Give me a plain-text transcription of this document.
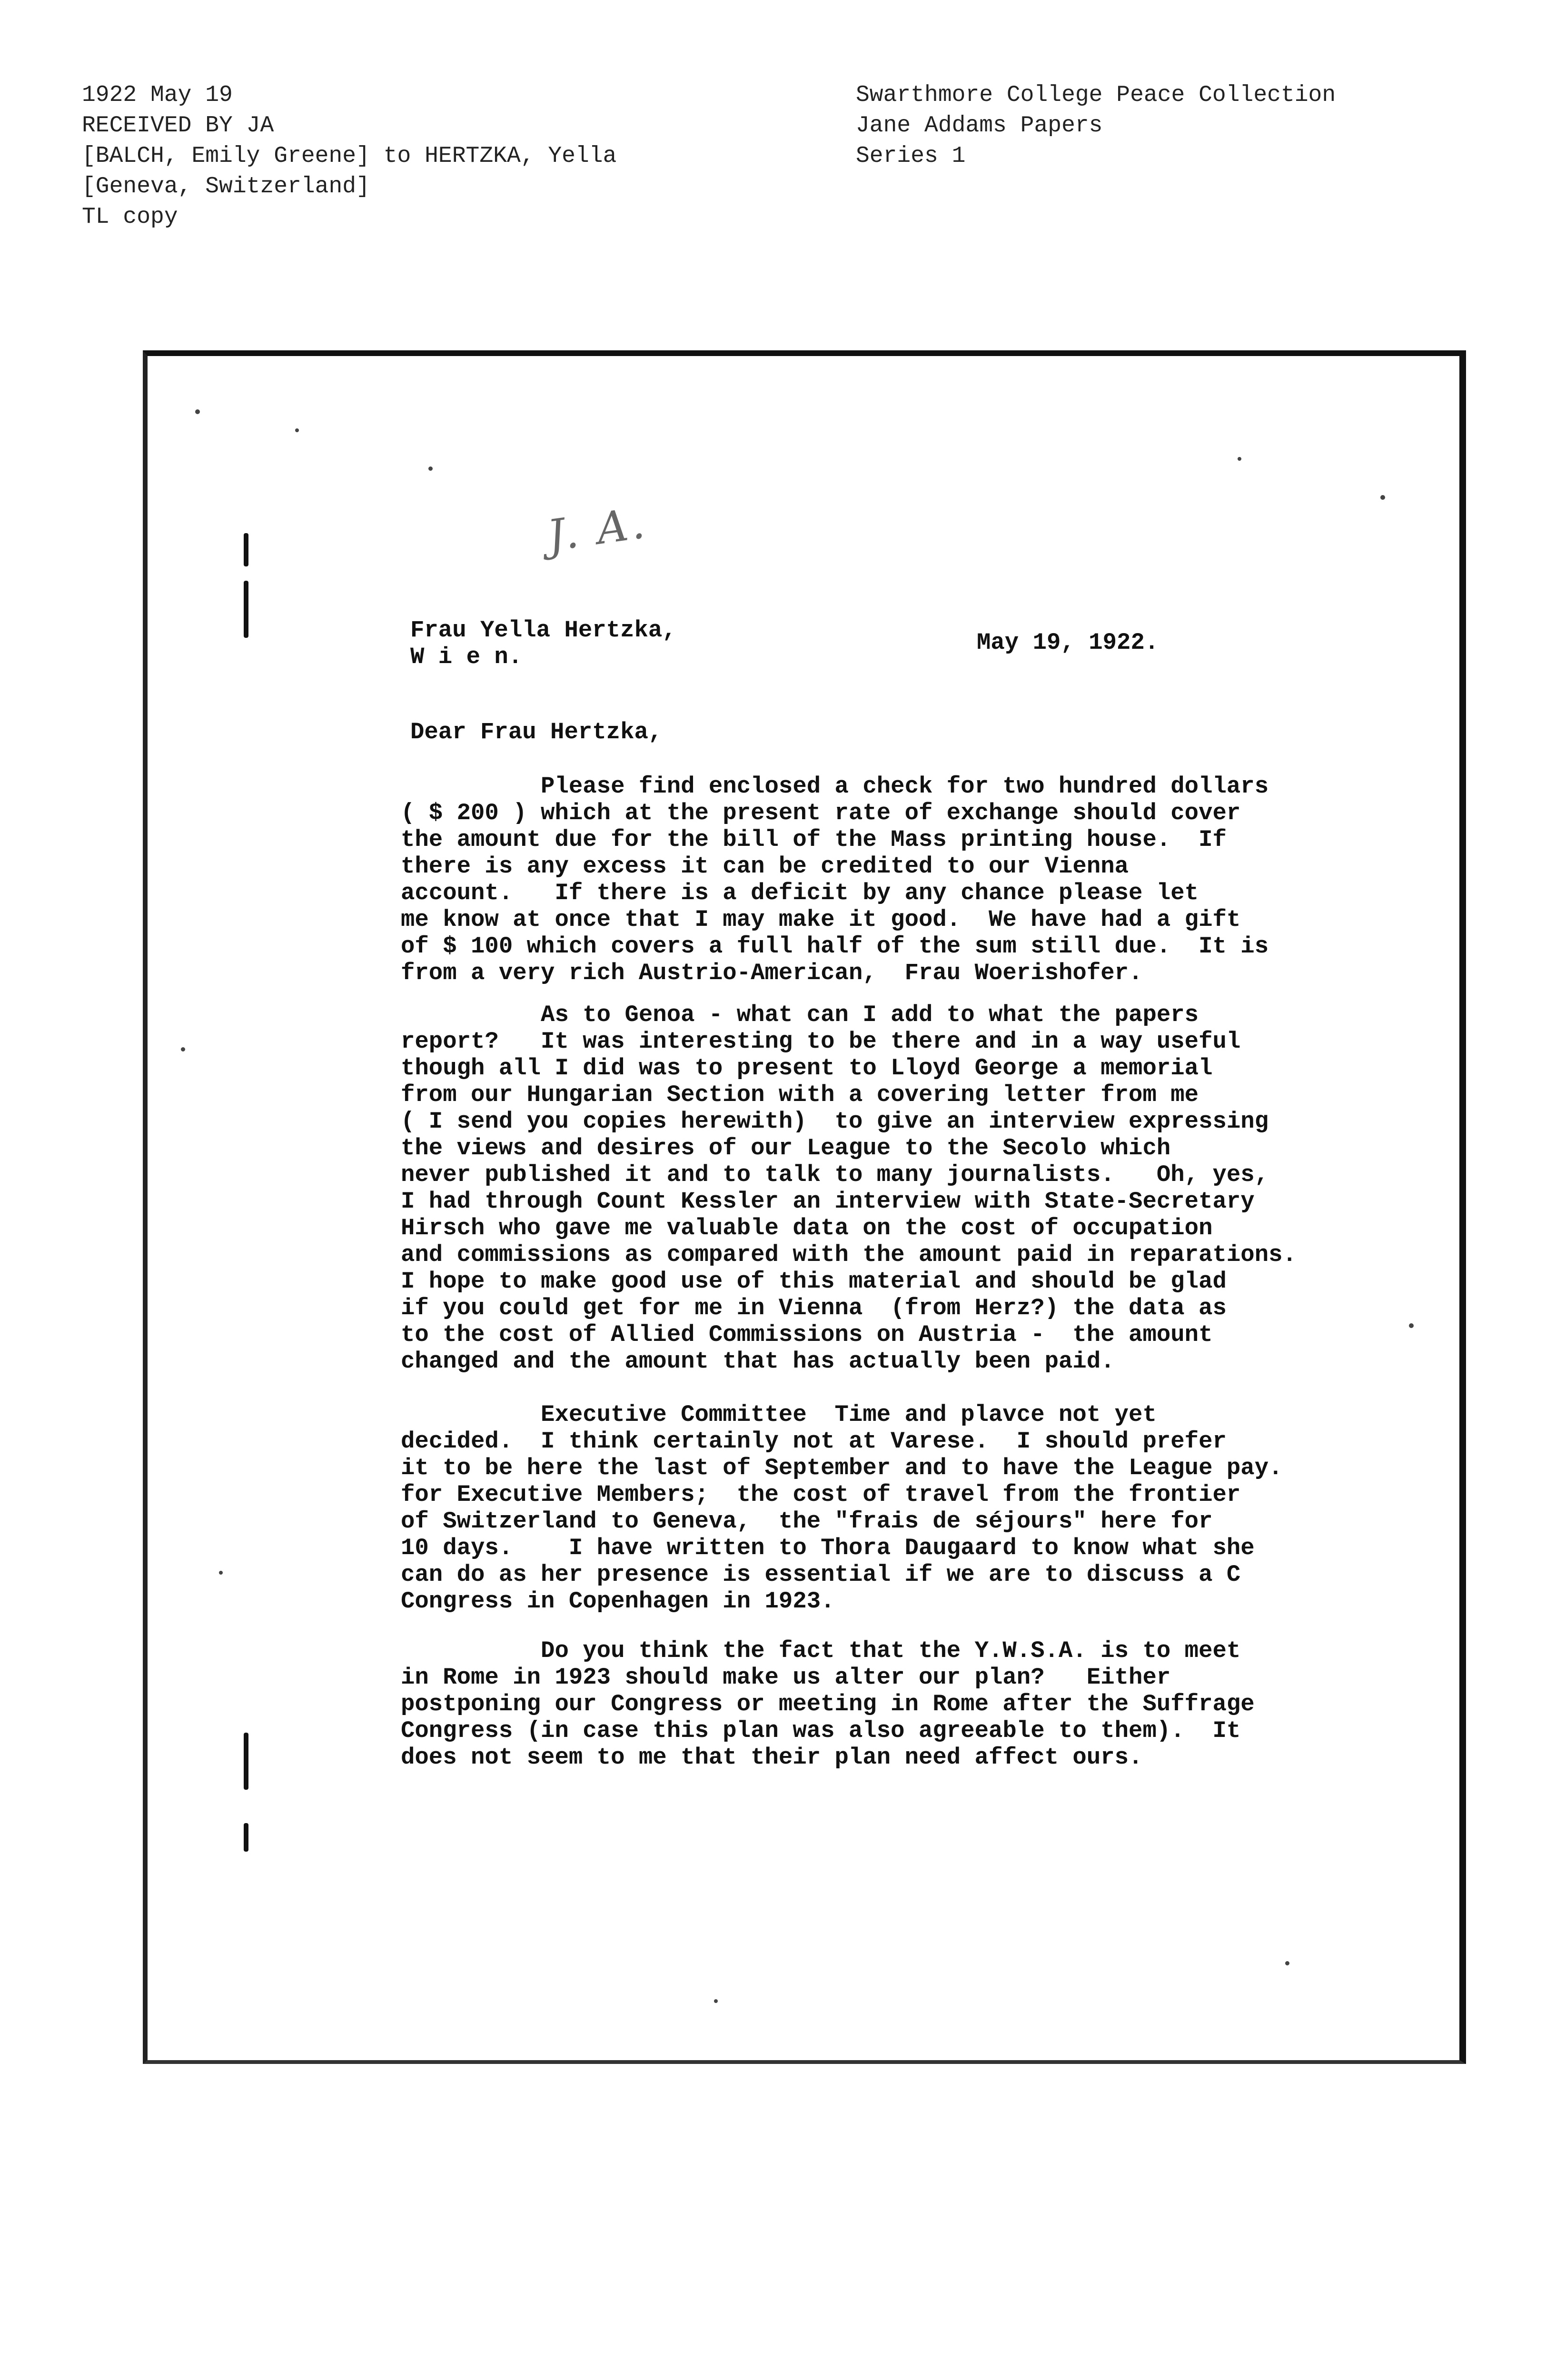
1922 May 19
RECEIVED BY JA
[BALCH, Emily Greene] to HERTZKA, Yella
[Geneva, Switzerland]
TL copy
Swarthmore College Peace Collection
Jane Addams Papers
Series 1
J. A.
Frau Yella Hertzka,
W i e n.
May 19, 1922.
Dear Frau Hertzka,
Please find enclosed a check for two hundred dollars
( $ 200 ) which at the present rate of exchange should cover
the amount due for the bill of the Mass printing house.  If
there is any excess it can be credited to our Vienna
account.   If there is a deficit by any chance please let
me know at once that I may make it good.  We have had a gift
of $ 100 which covers a full half of the sum still due.  It is
from a very rich Austrio-American,  Frau Woerishofer.
As to Genoa - what can I add to what the papers
report?   It was interesting to be there and in a way useful
though all I did was to present to Lloyd George a memorial
from our Hungarian Section with a covering letter from me
( I send you copies herewith)  to give an interview expressing
the views and desires of our League to the Secolo which
never published it and to talk to many journalists.   Oh, yes,
I had through Count Kessler an interview with State-Secretary
Hirsch who gave me valuable data on the cost of occupation
and commissions as compared with the amount paid in reparations.
I hope to make good use of this material and should be glad
if you could get for me in Vienna  (from Herz?) the data as
to the cost of Allied Commissions on Austria -  the amount
changed and the amount that has actually been paid.
Executive Committee  Time and plavce not yet
decided.  I think certainly not at Varese.  I should prefer
it to be here the last of September and to have the League pay.
for Executive Members;  the cost of travel from the frontier
of Switzerland to Geneva,  the "frais de séjours" here for
10 days.    I have written to Thora Daugaard to know what she
can do as her presence is essential if we are to discuss a C
Congress in Copenhagen in 1923.
Do you think the fact that the Y.W.S.A. is to meet
in Rome in 1923 should make us alter our plan?   Either
postponing our Congress or meeting in Rome after the Suffrage
Congress (in case this plan was also agreeable to them).  It
does not seem to me that their plan need affect ours.
